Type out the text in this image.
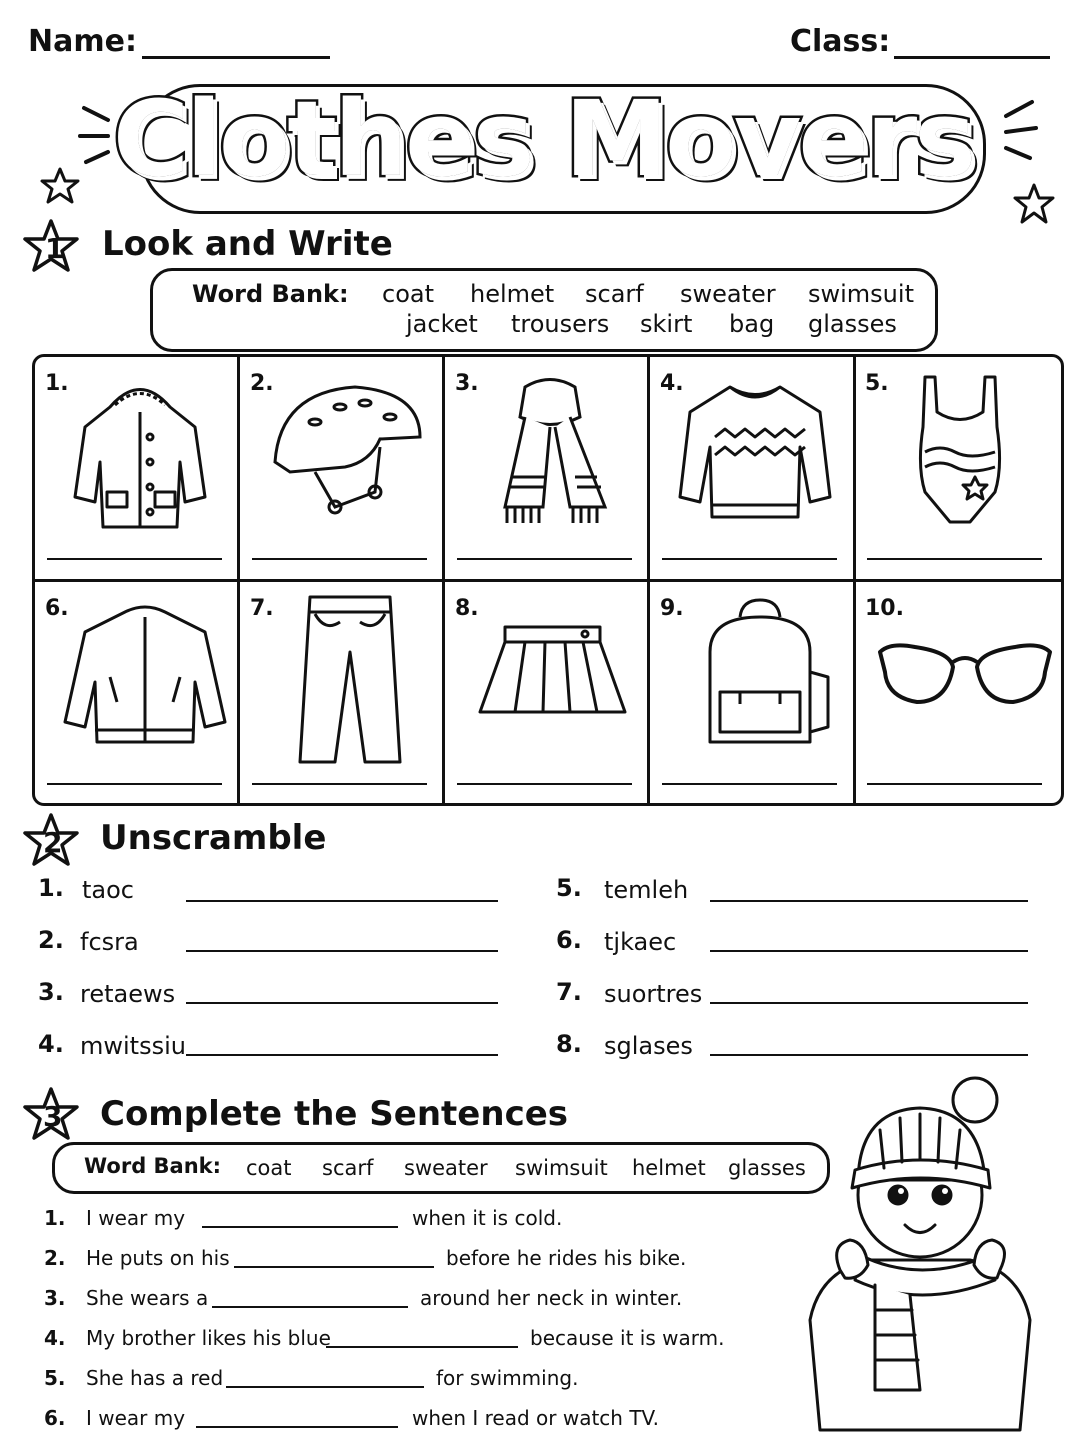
Name:	Class:
Clothes Movers
1 Look and Write
Word Bank: coat helmet scarf sweater swimsuit
jacket trousers skirt bag glasses
1.	2.	3.	4.	5.
6.	7.	8.	9.	10.
2 Unscramble
1. taoc
2. fcsra
3. retaews
4. mwitssiu
5. temleh
6. tjkaec
7. suortres
8. sglases
3 Complete the Sentences
Word Bank: coat scarf sweater swimsuit helmet glasses
1. I wear my	when it is cold.
2. He puts on his	before he rides his bike.
3. She wears a	around her neck in winter.
4. My brother likes his blue	because it is warm.
5. She has a red	for swimming.
6. I wear my	when I read or watch TV.
